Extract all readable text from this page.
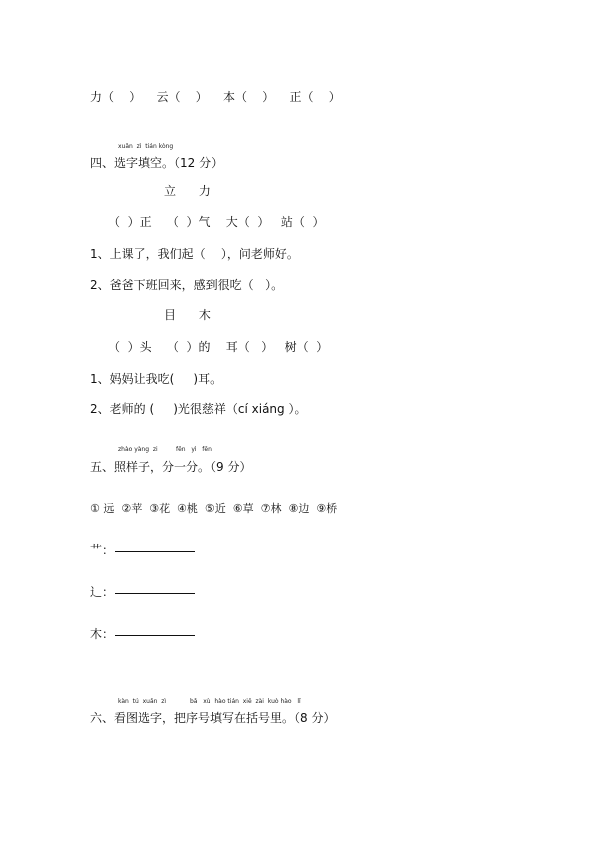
力（    ）    云（    ）    本（    ）    正（    ）
xuǎn  zì  tián kòng
四、选字填空。（12 分）
立      力
（  ）正    （  ）气    大（  ）   站（  ）
1、上课了，我们起（    ），问老师好。
2、爸爸下班回来，感到很吃（   ）。
目      木
（  ）头    （  ）的    耳（   ）   树（  ）
1、妈妈让我吃(     )耳。
2、老师的 (     )光很慈祥（cí xiáng ）。
zhào yàng  zi	fēn   yì   fēn
五、照样子，分一分。（9 分）
① 远  ②苹  ③花  ④桃  ⑤近  ⑥草  ⑦林  ⑧边  ⑨桥
艹：
辶：
木：
kàn  tú  xuǎn  zì	bǎ   xù  hào tián  xiě  zài  kuò hào   lǐ
六、看图选字，把序号填写在括号里。（8 分）
